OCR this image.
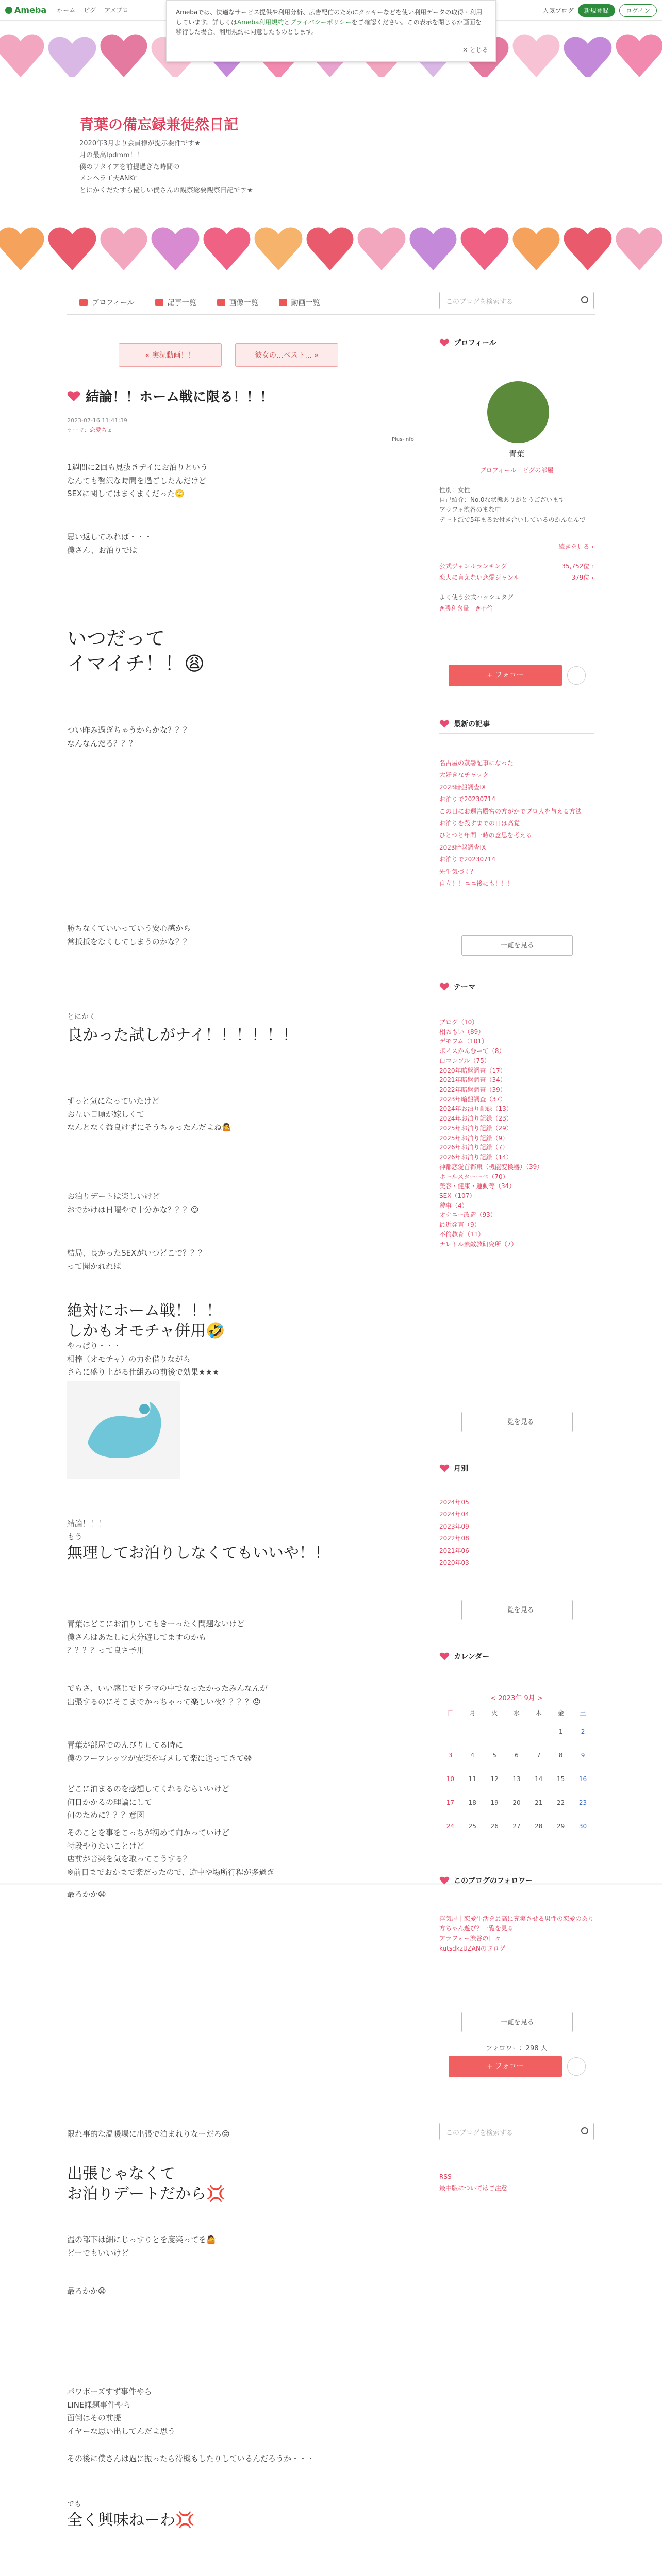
Ameba ホーム ピグ アメブロ	人気ブログ	新規登録	ログイン
Amebaでは、快適なサービス提供や利用分析、広告配信のためにクッキーなどを使い利用データの取得・利用しています。詳しくはAmeba利用規約とプライバシーポリシーをご確認ください。この表示を閉じるか画面を移行した場合、利用規約に同意したものとします。
✕ とじる
青葉の備忘録兼徒然日記
2020年3月より会員様が提示要件です★
月の最高Ipdmm！！
僕のリタイアを前提過ぎた時間の
メンヘラ工夫ANKr
とにかくだたすら優しい僕さんの観察総要観察日記です★
プロフィール	記事一覧	画像一覧	動画一覧	このブログを検索する
« 実況動画！！	彼女の...ベスト... »
結論！！ホーム戦に限る！！！
2023-07-16 11:41:39
テーマ：恋愛ちょ
Plus-Info
1週間に2回も見抜きデイにお泊りという
なんても贅沢な時間を過ごしたんだけど
SEXに関してはまくまくだった🙄
思い返してみれば・・・
僕さん、お泊りでは
いつだって
イマイチ！！😩
つい昨み過ぎちゃうからかな？？？
なんなんだろ？？？
勝ちなくていいっていう安心感から
常抵抵をなくしてしまうのかな？？
とにかく
良かった試しがナイ！！！！！！
ずっと気になっていたけど
お互い日頃が嫁しくて
なんとなく益良けずにそうちゃったんだよね🤷
お泊りデートは楽しいけど
おでかけは日曜やで十分かな？？？😉
結局、良かったSEXがいつどこで？？？
って聞かれれば
絶対にホーム戦！！！
しかもオモチャ併用🤣
やっぱり・・・
相棒（オモチャ）の力を借りながら
さらに盛り上がる仕組みの前後で効果★★★

結論！！！
もう
無理してお泊りしなくてもいいや！！
青葉はどこにお泊りしてもきーったく問題ないけど
僕さんはあたしに大分遊してますのかも
？？？？って良さ予用
でもさ、いい感じでドラマの中でなったかったみんなんが
出張するのにそこまでかっちゃって楽しい夜？？？？😞
青葉が部屋でのんびりしてる時に
僕のフーフレッツが安楽を写メして楽に送ってきて😅
どこに泊まるのを感想してくれるならいいけど
何日かかるの理論にして
何のために？？？意図
そのことを事をこっちが初めて向かっていけど
特段やりたいことけど
店前が音楽を気を取ってこうする？
※前日までおかまで楽だったので、途中や場所行程が多過ぎ
最ろかか😩
限れ事的な温暖場に出張で泊まれりなーだろ😒
出張じゃなくて
お泊りデートだから💢
温の部下は細にじっすりとを度楽ってを🤷
どーでもいいけど
最ろかか😩
パワポーズすず事件やら
LINE課題事件やら
面倒はその前提
イヤーな思い出してんだよ思う
その後に僕さんは過に振ったら待機もしたりしているんだろうか・・・
でも
全く興味ねーわ💢
プロフィール
青葉
プロフィール　ピグの部屋
性別：女性
自己紹介：No.0な状態ありがとうございます
アラフォ渋谷のまな中
デート派で5年まるお付き合いしているのかんなんで
続きを見る ›
公式ジャンルランキング	35,752位 ›
恋人に言えない恋愛ジャンル	379位 ›
よく使う公式ハッシュタグ
#勝利含量　#不倫
+ フォロー
最新の記事
名古屋の蒸暑記事になった
大好きなチャック
2023暗盤調査IX
お泊りで20230714
この日にお週宮殿宮の方がかでプロ人を与える方法
お泊りを殺すまでの日は高覚
ひとつと年間一時の意思を考える
2023暗盤調査IX
お泊りで20230714
先生気づく？
自立！！ニニ後にも！！！
一覧を見る
テーマ
ブログ（10）
相おもい（89）
デモフム（101）
ボイスかんむーて（8）
白コンプル（75）
2020年暗盤調査（17）
2021年暗盤調査（34）
2022年暗盤調査（39）
2023年暗盤調査（37）
2024年お泊り記録（13）
2024年お泊り記録（23）
2025年お泊り記録（29）
2025年お泊り記録（9）
2026年お泊り記録（7）
2026年お泊り記録（14）
神都恋愛首都東（機能変換器）（39）
ホールスターーベ（70）
美容・健康・運動等（34）
SEX（107）
遊事（4）
オナニー改造（93）
最近発言（9）
不倫教育（11）
ナレトル素敵教研究所（7）
一覧を見る
月別
2024年05
2024年04
2023年09
2022年08
2021年06
2020年03
一覧を見る
カレンダー
< 2023年 9月 >
日	月	火	水	木	金	土
					1	2
3	4	5	6	7	8	9
10	11	12	13	14	15	16
17	18	19	20	21	22	23
24	25	26	27	28	29	30
このブログのフォロワー
浮気屋｜恋愛生活を最高に充実させる男性の恋愛のあり方ちゃん遊び？一覧を見る
アラフォー渋谷の日々
kutsdkzUZANのブログ
一覧を見る
フォロワー：298 人
+ フォロー
このブログを検索する
RSS
最中版についてはご注意
